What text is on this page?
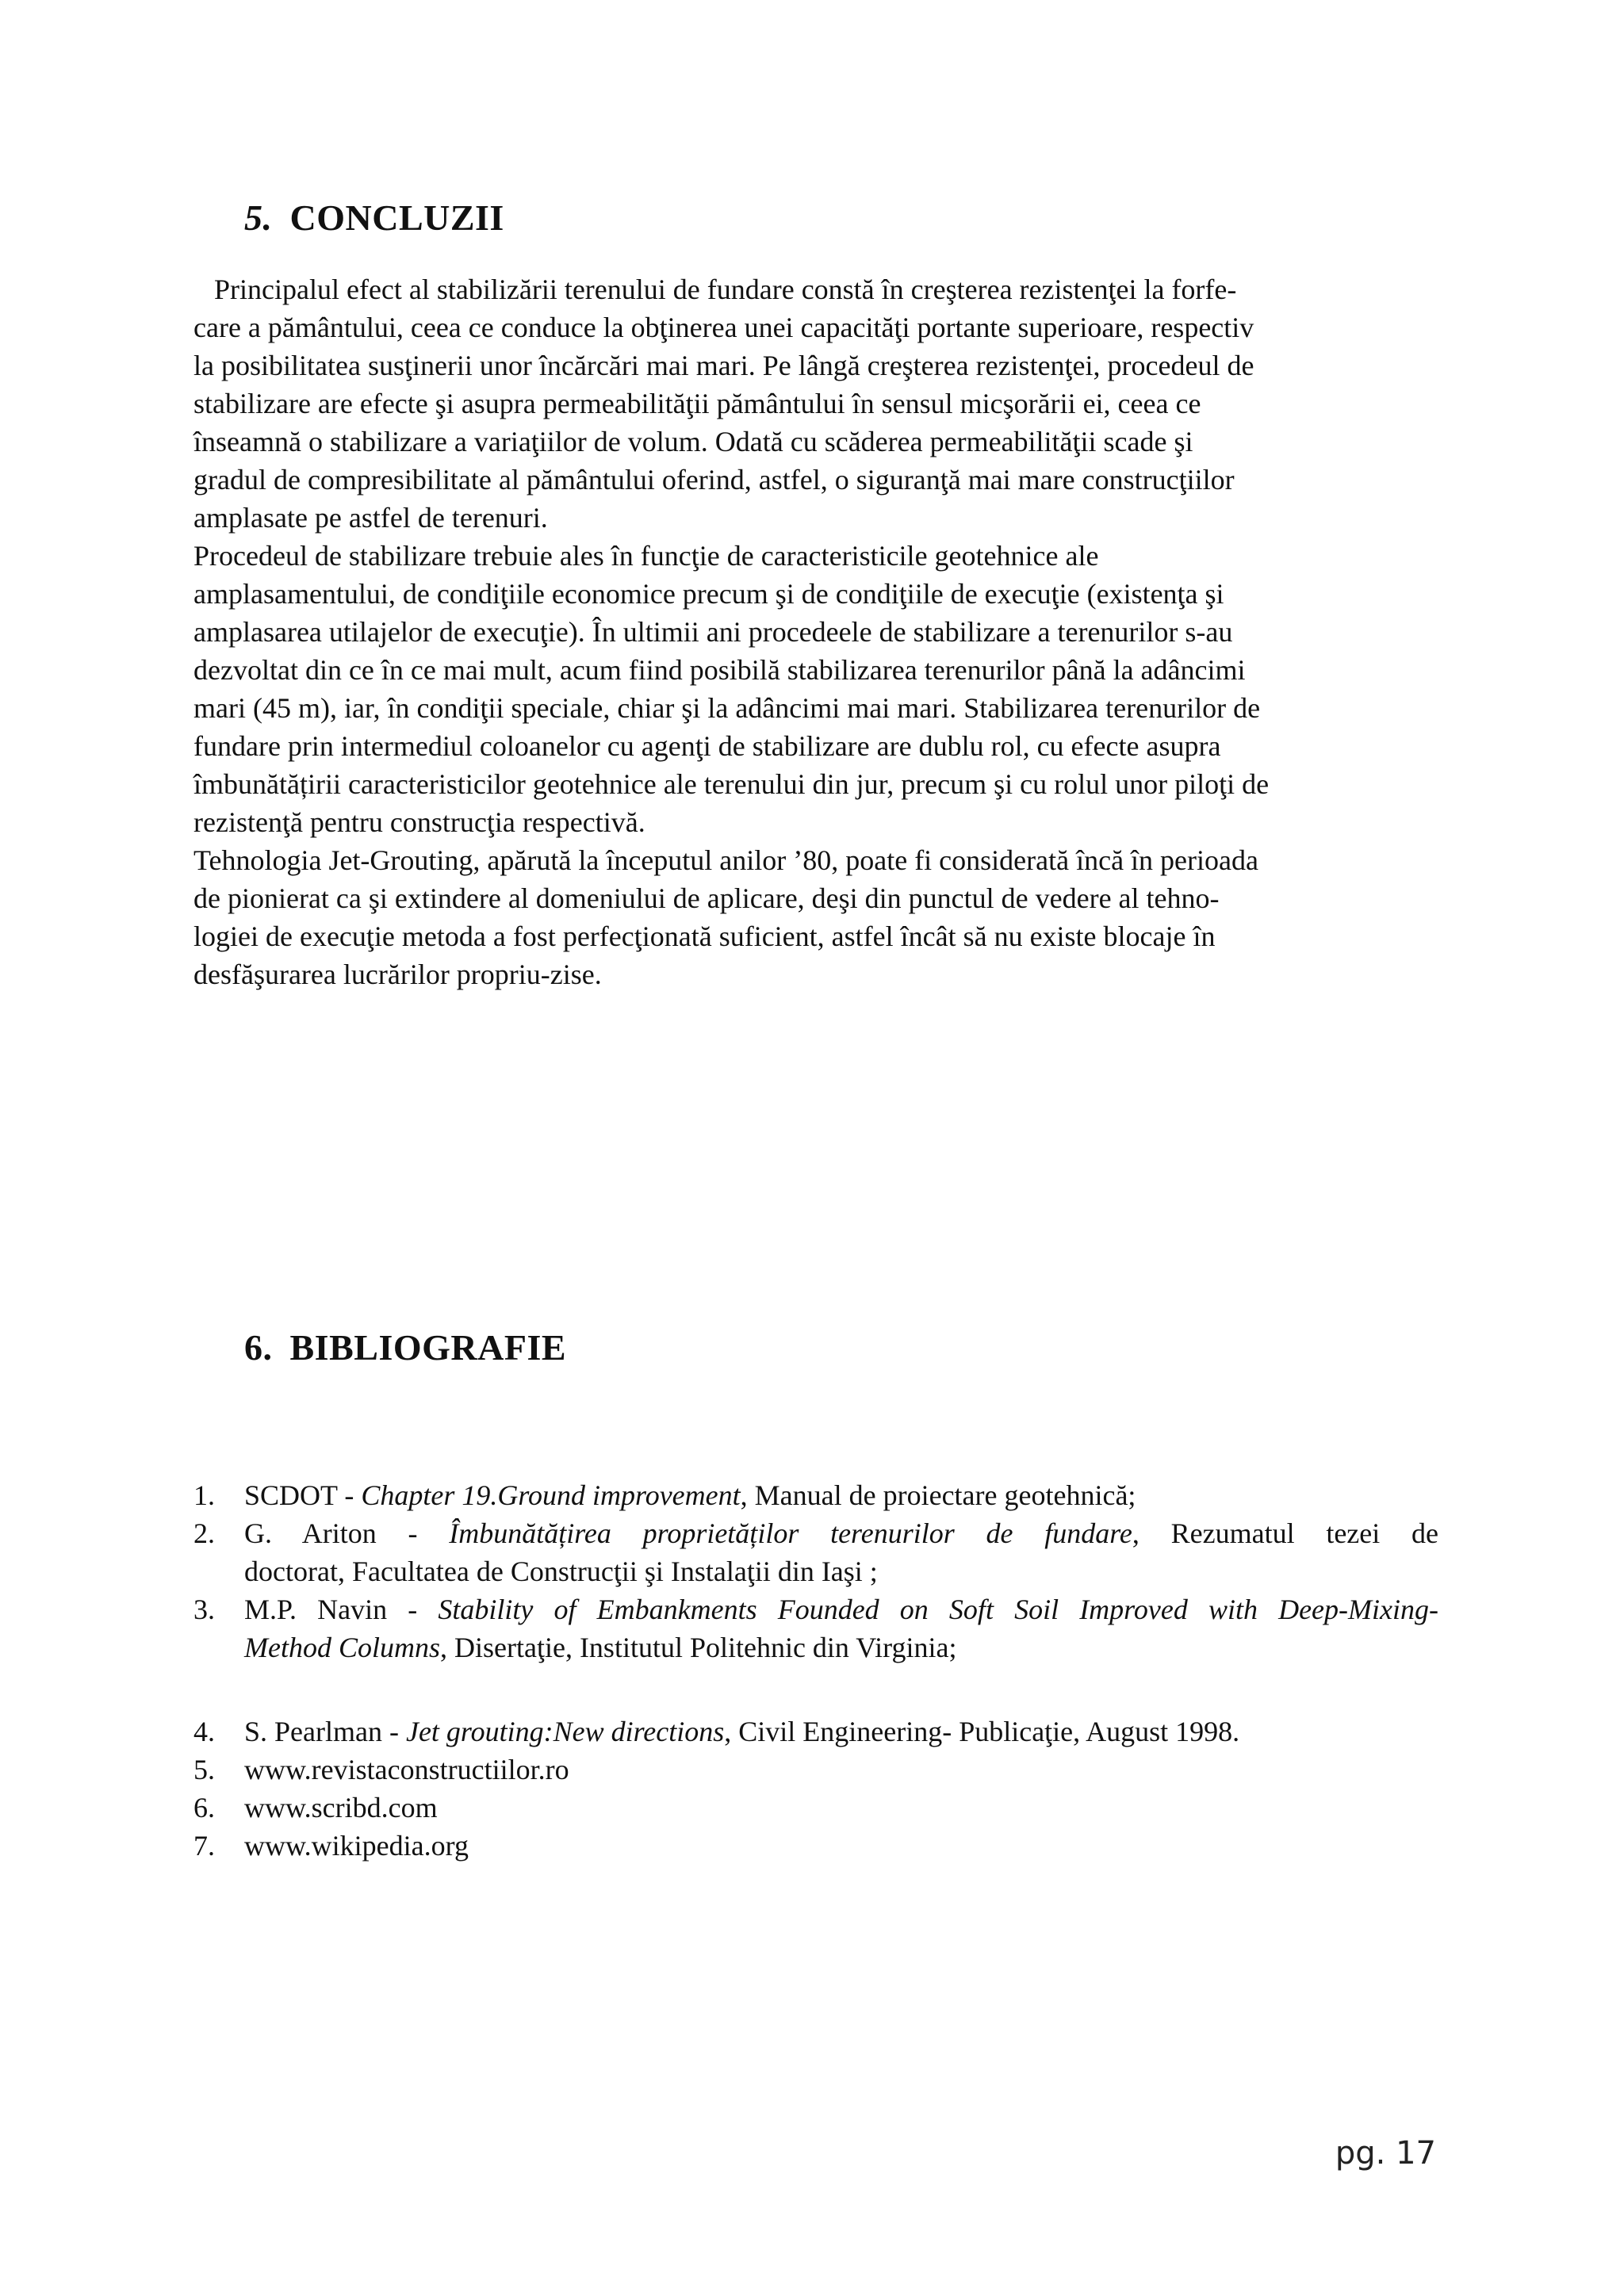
5. CONCLUZII

Principalul efect al stabilizării terenului de fundare constă în creşterea rezistenţei la forfe-
care a pământului, ceea ce conduce la obţinerea unei capacităţi portante superioare, respectiv
la posibilitatea susţinerii unor încărcări mai mari. Pe lângă creşterea rezistenţei, procedeul de
stabilizare are efecte şi asupra permeabilităţii pământului în sensul micşorării ei, ceea ce
înseamnă o stabilizare a variaţiilor de volum. Odată cu scăderea permeabilităţii scade şi
gradul de compresibilitate al pământului oferind, astfel, o siguranţă mai mare construcţiilor
amplasate pe astfel de terenuri.

Procedeul de stabilizare trebuie ales în funcţie de caracteristicile geotehnice ale
amplasamentului, de condiţiile economice precum şi de condiţiile de execuţie (existenţa şi
amplasarea utilajelor de execuţie). În ultimii ani procedeele de stabilizare a terenurilor s-au
dezvoltat din ce în ce mai mult, acum fiind posibilă stabilizarea terenurilor până la adâncimi
mari (45 m), iar, în condiţii speciale, chiar şi la adâncimi mai mari. Stabilizarea terenurilor de
fundare prin intermediul coloanelor cu agenţi de stabilizare are dublu rol, cu efecte asupra
îmbunătățirii caracteristicilor geotehnice ale terenului din jur, precum şi cu rolul unor piloţi de
rezistenţă pentru construcţia respectivă.

Tehnologia Jet-Grouting, apărută la începutul anilor ’80, poate fi considerată încă în perioada
de pionierat ca şi extindere al domeniului de aplicare, deşi din punctul de vedere al tehno-
logiei de execuţie metoda a fost perfecţionată suficient, astfel încât să nu existe blocaje în
desfăşurarea lucrărilor propriu-zise.

6. BIBLIOGRAFIE
1. SCDOT - Chapter 19.Ground improvement, Manual de proiectare geotehnică;
2. G. Ariton - Îmbunătățirea proprietăților terenurilor de fundare, Rezumatul tezei de
doctorat, Facultatea de Construcţii şi Instalaţii din Iaşi ;
3. M.P. Navin - Stability of Embankments Founded on Soft Soil Improved with Deep-Mixing-
Method Columns, Disertaţie, Institutul Politehnic din Virginia;
4. S. Pearlman - Jet grouting:New directions, Civil Engineering- Publicaţie, August 1998.
5. www.revistaconstructiilor.ro
6. www.scribd.com
7. www.wikipedia.org
pg. 17
